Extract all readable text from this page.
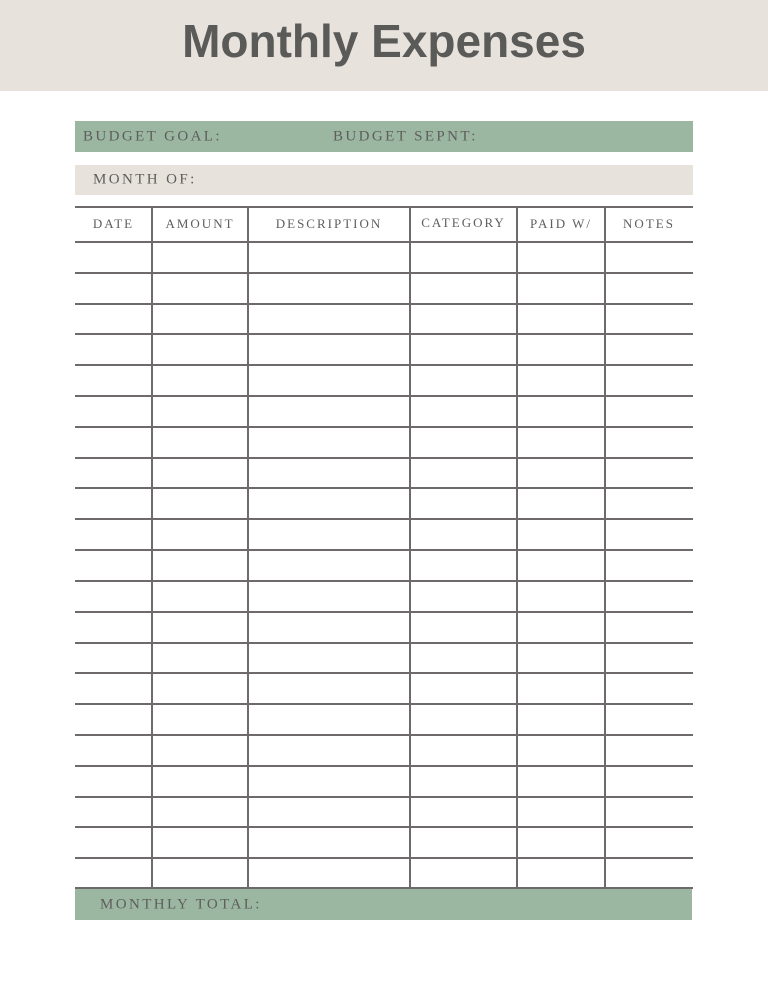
Monthly Expenses
BUDGET GOAL:	BUDGET SEPNT:
MONTH OF:
DATE	AMOUNT	DESCRIPTION	CATEGORY	PAID W/	NOTES
MONTHLY TOTAL:
